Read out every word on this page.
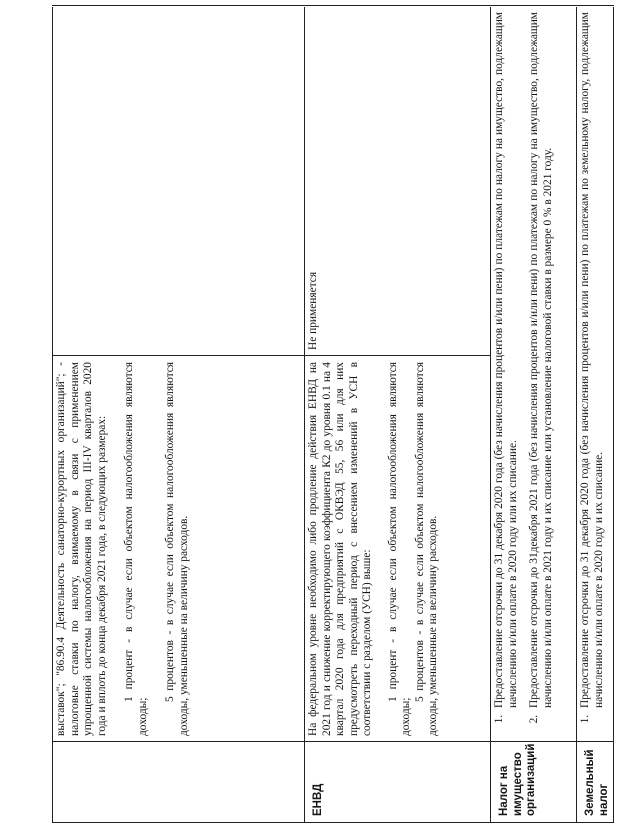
выставок"; "86.90.4 Деятельность санаторно-курортных организаций"; - налоговые ставки по налогу, взимаемому в связи с применением упрощенной системы налогообложения на период III-IV кварталов 2020 года и вплоть до конца декабря 2021 года, в следующих размерах: 1 процент - в случае если объектом налогообложения являются доходы;

5 процентов - в случае если объектом налогообложения являются доходы, уменьшенные на величину расходов.

ЕНВД

На федеральном уровне необходимо либо продление действия ЕНВД на 2021 год и снижение корректирующего коэффициента К2 до уровня 0.1 на 4 квартал 2020 года для предприятий с ОКВЭД 55, 56 или для них предусмотреть переходный период с внесением изменений в УСН в соответствии с разделом (УСН) выше: 1 процент - в случае если объектом налогообложения являются доходы;

5 процентов - в случае если объектом налогообложения являются доходы, уменьшенные на величину расходов.

Не применяется
Налог на имущество организаций
1. Предоставление отсрочки до 31 декабря 2020 года (без начисления процентов и/или пени) по платежам по налогу на имущество, подлежащим начислению и/или оплате в 2020 году или их списание.
2. Предоставление отсрочки до 31декабря 2021 года (без начисления процентов и/или пени) по платежам по налогу на имущество, подлежащим начислению и/или оплате в 2021 году и их списание или установление налоговой ставки в размере 0 % в 2021 году.
Земельный налог
1. Предоставление отсрочки до 31 декабря 2020 года (без начисления процентов и/или пени) по платежам по земельному налогу, подлежащим начислению и/или оплате в 2020 году и их списание.
